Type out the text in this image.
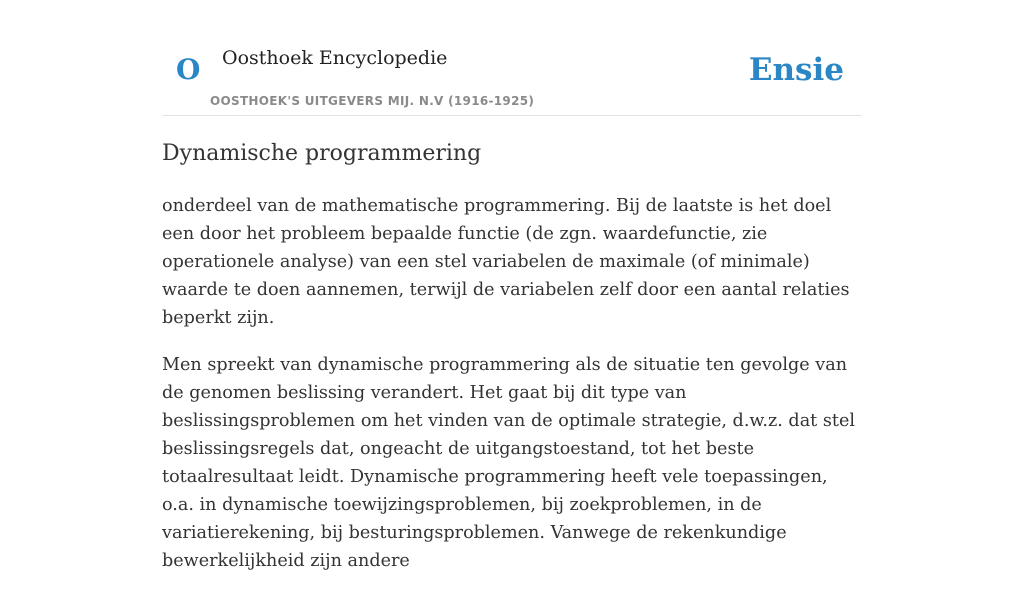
O Oosthoek Encyclopedie
OOSTHOEK'S UITGEVERS MIJ. N.V (1916-1925)
Ensie
Dynamische programmering

onderdeel van de mathematische programmering. Bij de laatste is het doel een door het probleem bepaalde functie (de zgn. waardefunctie, zie operationele analyse) van een stel variabelen de maximale (of minimale) waarde te doen aannemen, terwijl de variabelen zelf door een aantal relaties beperkt zijn.

Men spreekt van dynamische programmering als de situatie ten gevolge van de genomen beslissing verandert. Het gaat bij dit type van beslissingsproblemen om het vinden van de optimale strategie, d.w.z. dat stel beslissingsregels dat, ongeacht de uitgangstoestand, tot het beste totaalresultaat leidt. Dynamische programmering heeft vele toepassingen, o.a. in dynamische toewijzingsproblemen, bij zoekproblemen, in de variatierekening, bij besturingsproblemen. Vanwege de rekenkundige bewerkelijkheid zijn andere
